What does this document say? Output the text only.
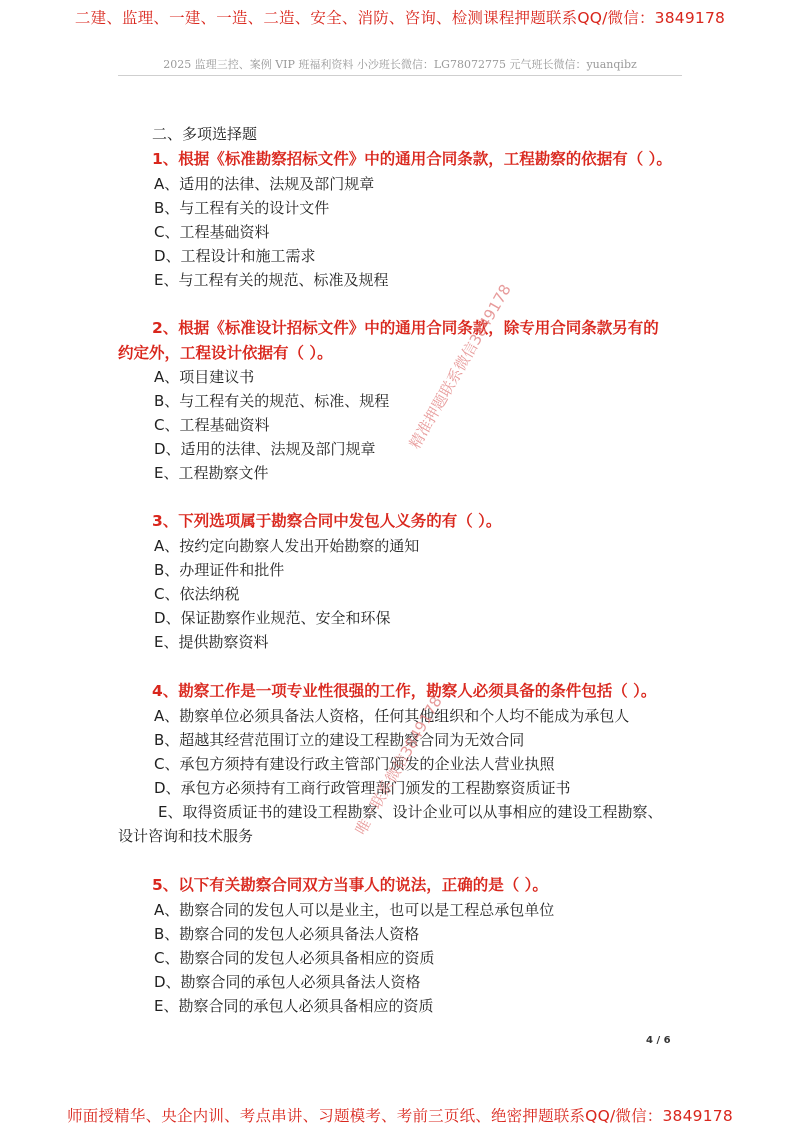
二建、监理、一建、一造、二造、安全、消防、咨询、检测课程押题联系QQ/微信：3849178
2025 监理三控、案例 VIP 班福利资料 小沙班长微信：LG78072775 元气班长微信：yuanqibz
二、多项选择题
1、根据《标准勘察招标文件》中的通用合同条款，工程勘察的依据有（ ）。
A、适用的法律、法规及部门规章
B、与工程有关的设计文件
C、工程基础资料
D、工程设计和施工需求
E、与工程有关的规范、标准及规程
2、根据《标准设计招标文件》中的通用合同条款，除专用合同条款另有的
约定外，工程设计依据有（ ）。
A、项目建议书
B、与工程有关的规范、标准、规程
C、工程基础资料
D、适用的法律、法规及部门规章
E、工程勘察文件
3、下列选项属于勘察合同中发包人义务的有（ ）。
A、按约定向勘察人发出开始勘察的通知
B、办理证件和批件
C、依法纳税
D、保证勘察作业规范、安全和环保
E、提供勘察资料
4、勘察工作是一项专业性很强的工作，勘察人必须具备的条件包括（ ）。
A、勘察单位必须具备法人资格，任何其他组织和个人均不能成为承包人
B、超越其经营范围订立的建设工程勘察合同为无效合同
C、承包方须持有建设行政主管部门颁发的企业法人营业执照
D、承包方必须持有工商行政管理部门颁发的工程勘察资质证书
E、取得资质证书的建设工程勘察、设计企业可以从事相应的建设工程勘察、
设计咨询和技术服务
5、以下有关勘察合同双方当事人的说法，正确的是（ ）。
A、勘察合同的发包人可以是业主，也可以是工程总承包单位
B、勘察合同的发包人必须具备法人资格
C、勘察合同的发包人必须具备相应的资质
D、勘察合同的承包人必须具备法人资格
E、勘察合同的承包人必须具备相应的资质
精准押题联系微信3849178
唯一联系微信3849178
4 / 6
师面授精华、央企内训、考点串讲、习题模考、考前三页纸、绝密押题联系QQ/微信：3849178
